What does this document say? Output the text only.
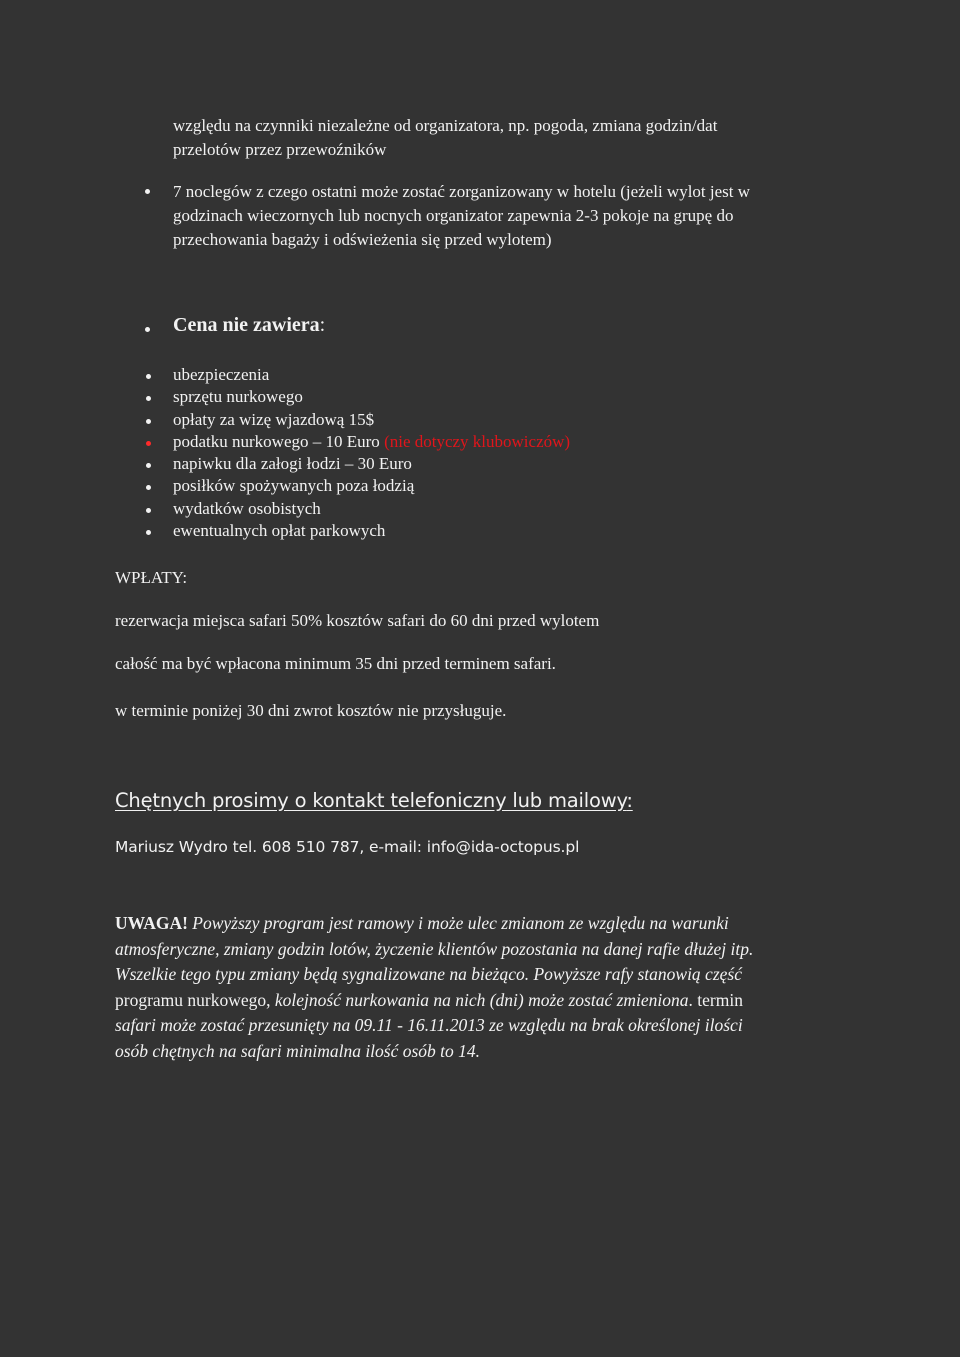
względu na czynniki niezależne od organizatora, np. pogoda, zmiana godzin/dat
przelotów przez przewoźników
7 noclegów z czego ostatni może zostać zorganizowany w hotelu (jeżeli wylot jest w
godzinach wieczornych lub nocnych organizator zapewnia 2-3 pokoje na grupę do
przechowania bagaży i odświeżenia się przed wylotem)
Cena nie zawiera:
ubezpieczenia
sprzętu nurkowego
opłaty za wizę wjazdową 15$
podatku nurkowego – 10 Euro (nie dotyczy klubowiczów)
napiwku dla załogi łodzi – 30 Euro
posiłków spożywanych poza łodzią
wydatków osobistych
ewentualnych opłat parkowych
WPŁATY:
rezerwacja miejsca safari 50% kosztów safari do 60 dni przed wylotem
całość ma być wpłacona minimum 35 dni przed terminem safari.
w terminie poniżej 30 dni zwrot kosztów nie przysługuje.
Chętnych prosimy o kontakt telefoniczny lub mailowy:
Mariusz Wydro tel. 608 510 787, e-mail: info@ida-octopus.pl
UWAGA! Powyższy program jest ramowy i może ulec zmianom ze względu na warunki
atmosferyczne, zmiany godzin lotów, życzenie klientów pozostania na danej rafie dłużej itp.
Wszelkie tego typu zmiany będą sygnalizowane na bieżąco. Powyższe rafy stanowią część
programu nurkowego, kolejność nurkowania na nich (dni) może zostać zmieniona. termin
safari może zostać przesunięty na 09.11 - 16.11.2013 ze względu na brak określonej ilości
osób chętnych na safari minimalna ilość osób to 14.
